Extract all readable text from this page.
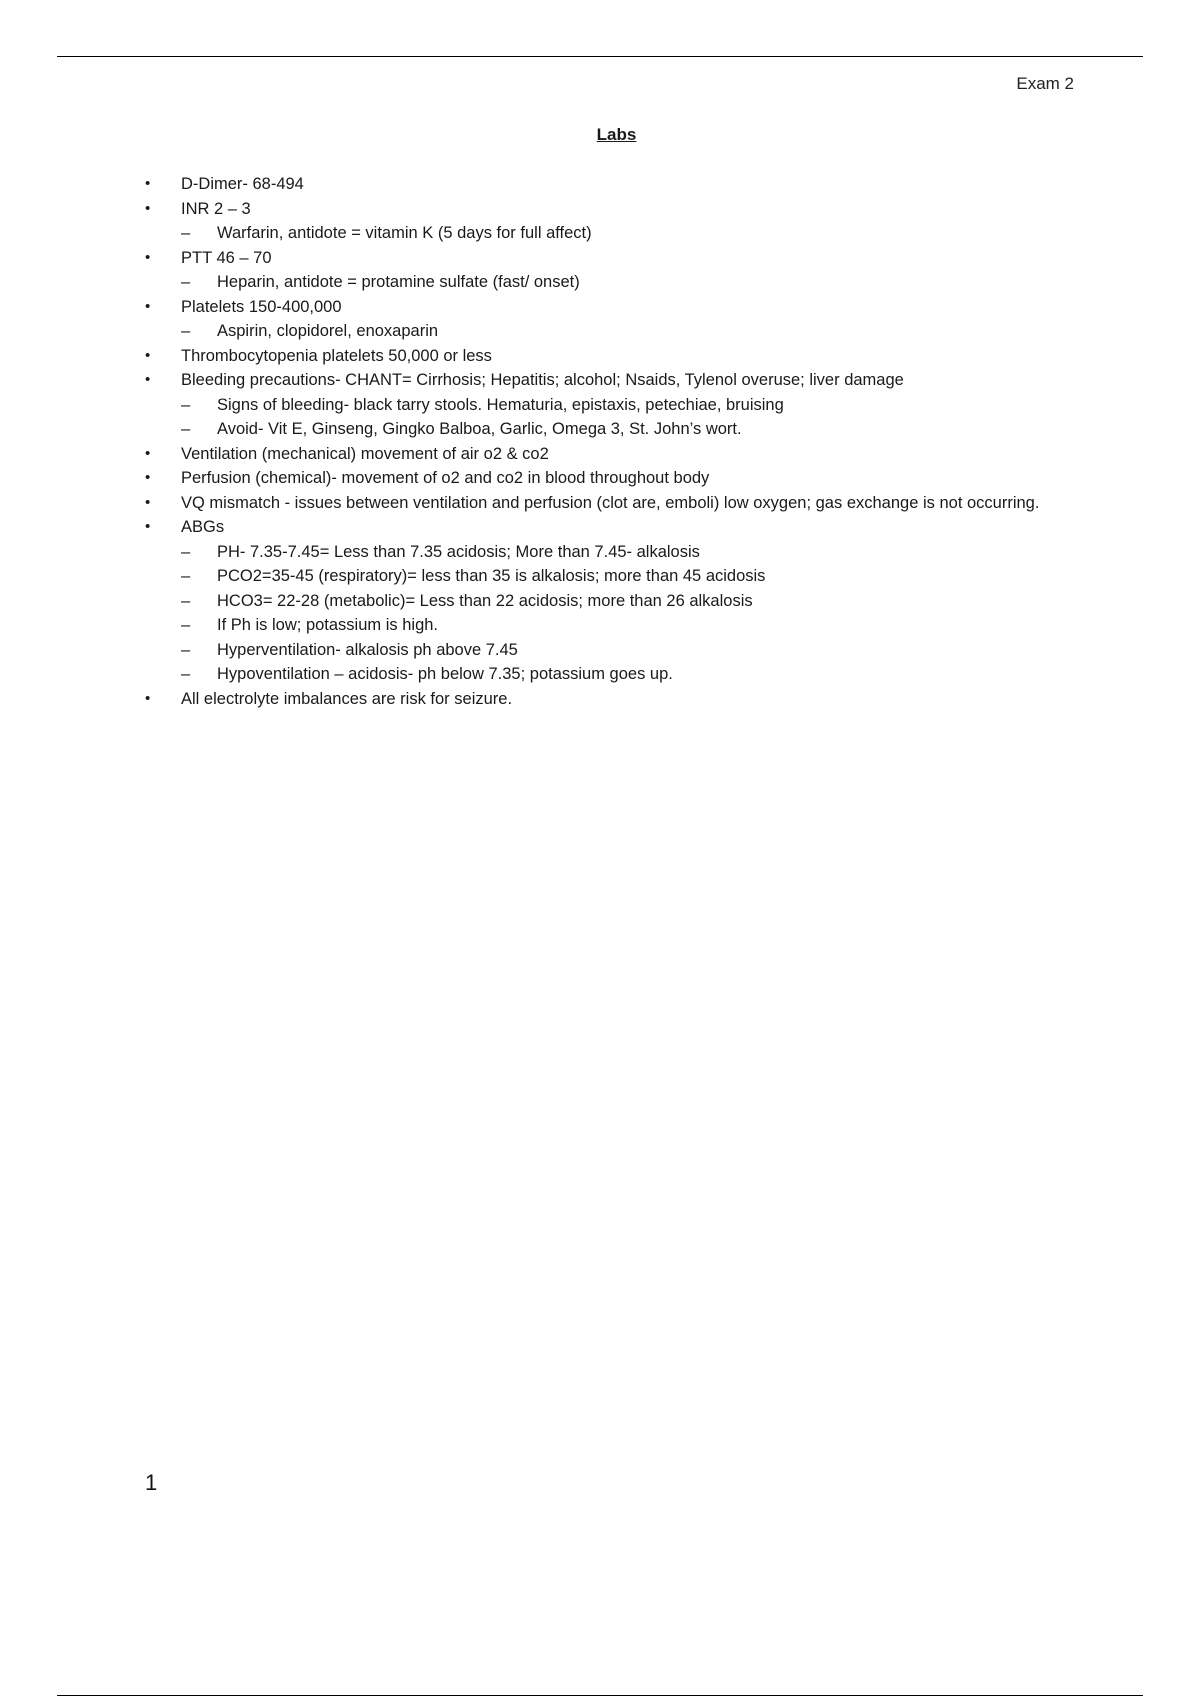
Exam 2
Labs
•	D-Dimer- 68-494
•	INR 2 – 3
– Warfarin, antidote = vitamin K (5 days for full affect)
•	PTT 46 – 70
– Heparin, antidote = protamine sulfate (fast/ onset)
•	Platelets 150-400,000
– Aspirin, clopidorel, enoxaparin
•	Thrombocytopenia platelets 50,000 or less
•	Bleeding precautions- CHANT= Cirrhosis; Hepatitis; alcohol; Nsaids, Tylenol overuse; liver damage
– Signs of bleeding- black tarry stools. Hematuria, epistaxis, petechiae, bruising
– Avoid- Vit E, Ginseng, Gingko Balboa, Garlic, Omega 3, St. John’s wort.
•	Ventilation (mechanical) movement of air o2 & co2
•	Perfusion (chemical)- movement of o2 and co2 in blood throughout body
•	VQ mismatch - issues between ventilation and perfusion (clot are, emboli) low oxygen; gas exchange is not occurring.
•	ABGs
– PH- 7.35-7.45= Less than 7.35 acidosis; More than 7.45- alkalosis
– PCO2=35-45 (respiratory)= less than 35 is alkalosis; more than 45 acidosis
– HCO3= 22-28 (metabolic)= Less than 22 acidosis; more than 26 alkalosis
– If Ph is low; potassium is high.
– Hyperventilation- alkalosis ph above 7.45
– Hypoventilation – acidosis- ph below 7.35; potassium goes up.
•	All electrolyte imbalances are risk for seizure.
1
